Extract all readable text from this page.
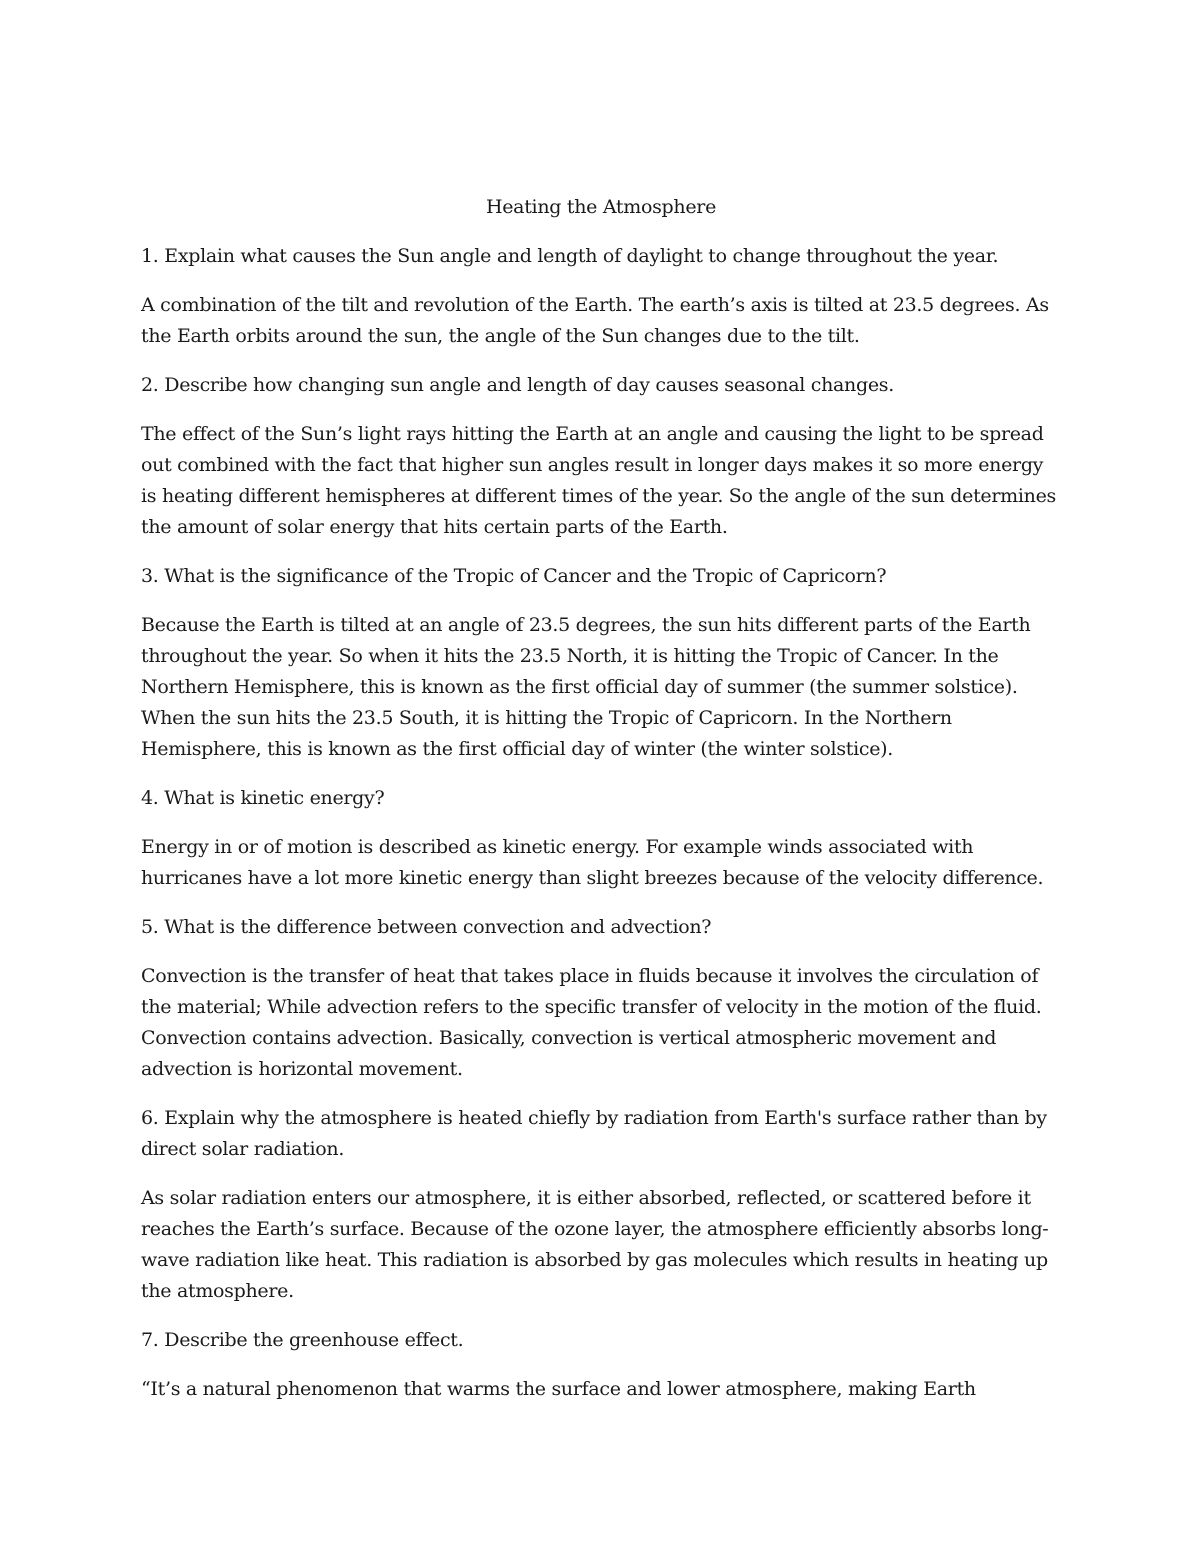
Heating the Atmosphere

1. Explain what causes the Sun angle and length of daylight to change throughout the year.

A combination of the tilt and revolution of the Earth. The earth’s axis is tilted at 23.5 degrees. As the Earth orbits around the sun, the angle of the Sun changes due to the tilt.

2. Describe how changing sun angle and length of day causes seasonal changes.

The effect of the Sun’s light rays hitting the Earth at an angle and causing the light to be spread out combined with the fact that higher sun angles result in longer days makes it so more energy is heating different hemispheres at different times of the year. So the angle of the sun determines the amount of solar energy that hits certain parts of the Earth.

3. What is the significance of the Tropic of Cancer and the Tropic of Capricorn?

Because the Earth is tilted at an angle of 23.5 degrees, the sun hits different parts of the Earth throughout the year. So when it hits the 23.5 North, it is hitting the Tropic of Cancer. In the Northern Hemisphere, this is known as the first official day of summer (the summer solstice). When the sun hits the 23.5 South, it is hitting the Tropic of Capricorn. In the Northern Hemisphere, this is known as the first official day of winter (the winter solstice).

4. What is kinetic energy?

Energy in or of motion is described as kinetic energy. For example winds associated with hurricanes have a lot more kinetic energy than slight breezes because of the velocity difference.

5. What is the difference between convection and advection?

Convection is the transfer of heat that takes place in fluids because it involves the circulation of the material; While advection refers to the specific transfer of velocity in the motion of the fluid. Convection contains advection. Basically, convection is vertical atmospheric movement and advection is horizontal movement.

6. Explain why the atmosphere is heated chiefly by radiation from Earth's surface rather than by direct solar radiation.

As solar radiation enters our atmosphere, it is either absorbed, reflected, or scattered before it reaches the Earth’s surface. Because of the ozone layer, the atmosphere efficiently absorbs long-wave radiation like heat. This radiation is absorbed by gas molecules which results in heating up the atmosphere.

7. Describe the greenhouse effect.

“It’s a natural phenomenon that warms the surface and lower atmosphere, making Earth
